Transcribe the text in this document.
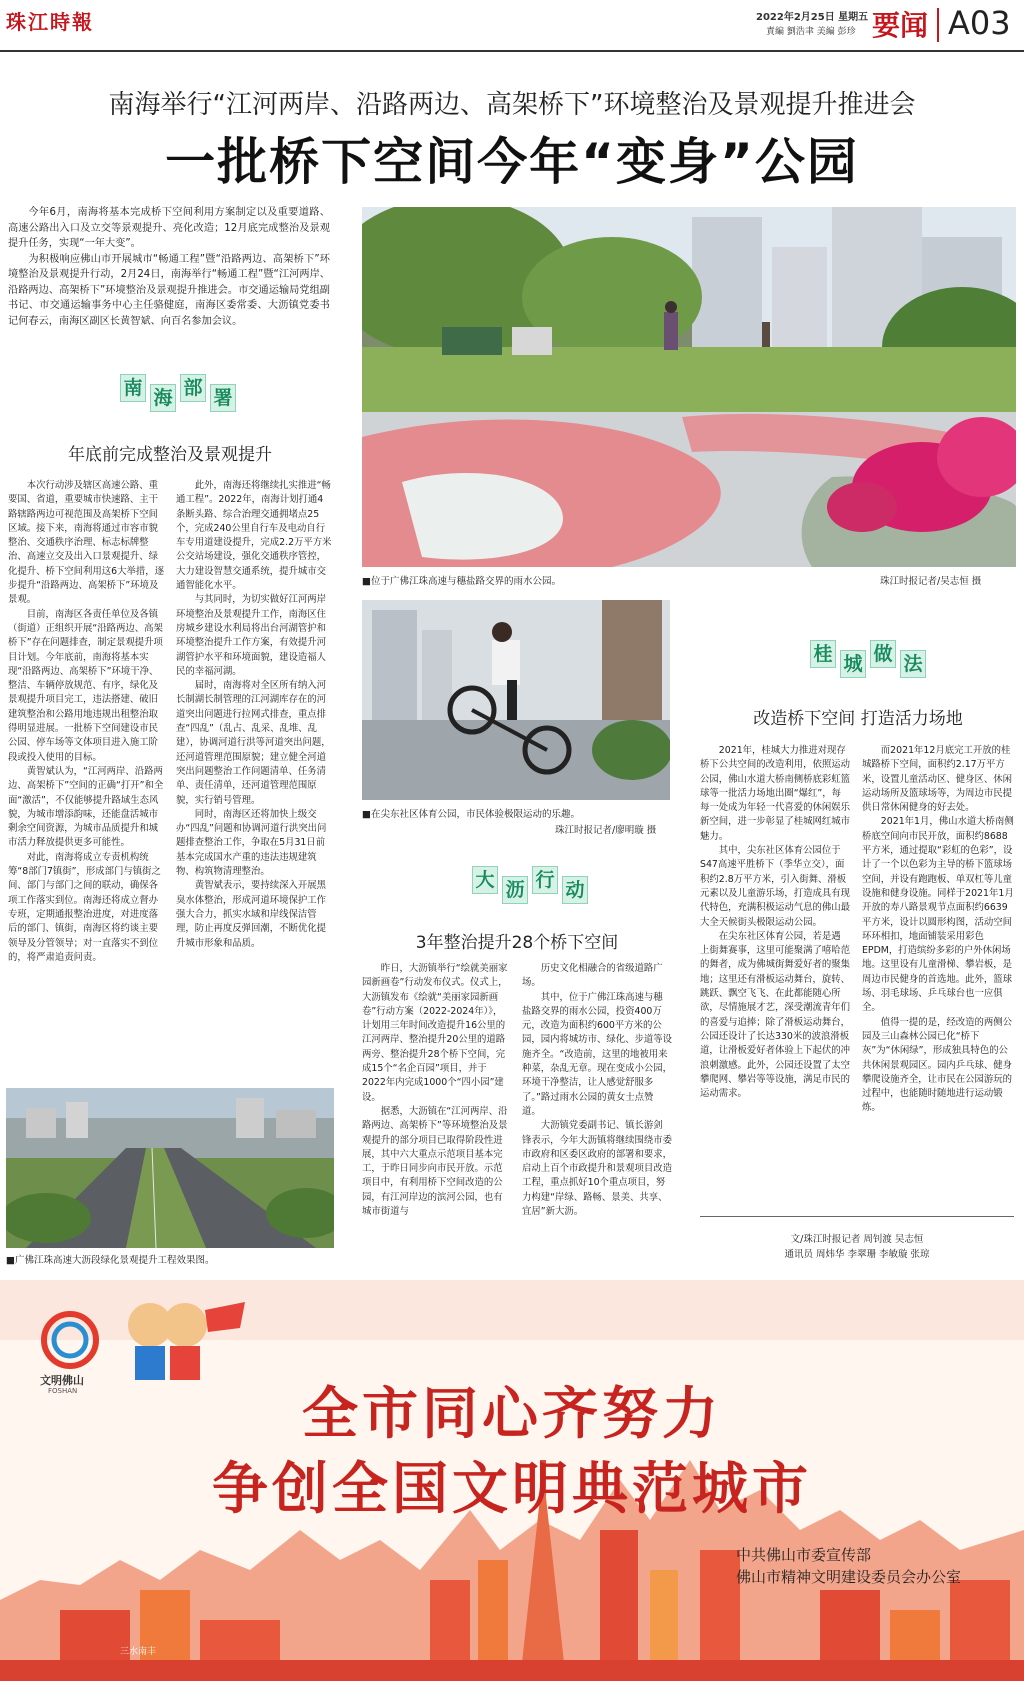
珠江時報	2022年2月25日 星期五
責編 劉浩聿 美編 彭珍 要闻 A03
南海举行“江河两岸、沿路两边、高架桥下”环境整治及景观提升推进会
一批桥下空间今年“变身”公园

今年6月，南海将基本完成桥下空间利用方案制定以及重要道路、高速公路出入口及立交等景观提升、亮化改造；12月底完成整治及景观提升任务，实现“一年大变”。

为积极响应佛山市开展城市“畅通工程”暨“沿路两边、高架桥下”环境整治及景观提升行动，2月24日，南海举行“畅通工程”暨“江河两岸、沿路两边、高架桥下”环境整治及景观提升推进会。市交通运输局党组副书记、市交通运输事务中心主任骆健庭，南海区委常委、大沥镇党委书记何春云，南海区副区长黄智斌、向百名参加会议。

■位于广佛江珠高速与穗盐路交界的雨水公园。	珠江时报记者/吴志恒 摄
南 海 部 署
年底前完成整治及景观提升

本次行动涉及辖区高速公路、重要国、省道，重要城市快速路、主干路辖路两边可视范围及高架桥下空间区域。接下来，南海将通过市容市貌整治、交通秩序治理、标志标牌整治、高速立交及出入口景观提升、绿化提升、桥下空间利用这6大举措，逐步提升“沿路两边、高架桥下”环境及景观。

目前，南海区各责任单位及各镇（街道）正组织开展“沿路两边、高架桥下”存在问题排查，制定景观提升项目计划。今年底前，南海将基本实现“沿路两边、高架桥下”环境干净、整洁、车辆停放规范、有序，绿化及景观提升项目完工，违法搭建、破旧建筑整治和公路用地违规出租整治取得明显进展。一批桥下空间建设市民公园、停车场等文体项目进入施工阶段或投入使用的目标。

黄智斌认为，“江河两岸、沿路两边、高架桥下”空间的正确“打开”和全面“激活”，不仅能够提升路域生态风貌，为城市增添韵味，还能盘活城市剩余空间资源，为城市品质提升和城市活力释放提供更多可能性。

对此，南海将成立专责机构统筹“8部门7镇街”，形成部门与镇街之间、部门与部门之间的联动，确保各项工作落实到位。南海还将成立督办专班，定期通报整治进度，对进度落后的部门、镇街，南海区将约谈主要领导及分管领导；对一直落实不到位的，将严肃追责问责。

此外，南海还将继续扎实推进“畅通工程”。2022年，南海计划打通4条断头路、综合治理交通拥堵点25个，完成240公里自行车及电动自行车专用道建设提升，完成2.2万平方米公交站场建设，强化交通秩序管控，大力建设智慧交通系统，提升城市交通智能化水平。

与其同时，为切实做好江河两岸环境整治及景观提升工作，南海区住房城乡建设水利局将出台河湖管护和环境整治提升工作方案，有效提升河湖管护水平和环境面貌，建设造福人民的幸福河湖。

届时，南海将对全区所有纳入河长制湖长制管理的江河湖库存在的河道突出问题进行拉网式排查，重点排查“四乱”（乱占、乱采、乱堆、乱建），协调河道行洪等河道突出问题，还河道管理范围原貌；建立健全河道突出问题整治工作问题清单、任务清单、责任清单，还河道管理范围原貌，实行销号管理。

同时，南海区还将加快上级交办“四乱”问题和协调河道行洪突出问题排查整治工作，争取在5月31日前基本完成国水产重的违法违规建筑物、构筑物清理整治。

黄智斌表示，要持续深入开展黑臭水体整治，形成河道环境保护工作强大合力，抓实水域和岸线保洁管理，防止再度反弹回潮，不断优化提升城市形象和品质。

■广佛江珠高速大沥段绿化景观提升工程效果图。
■在尖东社区体育公园，市民体验极限运动的乐趣。
珠江时报记者/廖明璇 摄
大 沥 行 动
3年整治提升28个桥下空间

昨日，大沥镇举行“绘就美丽家园新画卷”行动发布仪式。仪式上，大沥镇发布《绘就“美丽家园新画卷”行动方案（2022-2024年）》，计划用三年时间改造提升16公里的江河两岸、整治提升20公里的道路两旁、整治提升28个桥下空间，完成15个“名企百园”项目，并于2022年内完成1000个“四小园”建设。

据悉，大沥镇在“江河两岸、沿路两边、高架桥下”等环境整治及景观提升的部分项目已取得阶段性进展，其中六大重点示范项目基本完工，于昨日同步向市民开放。示范项目中，有利用桥下空间改造的公园，有江河岸边的滨河公园，也有城市街道与

历史文化相融合的省级道路广场。

其中，位于广佛江珠高速与穗盐路交界的雨水公园，投资400万元，改造为面积约600平方米的公园，园内将城坊市、绿化、步道等设施齐全。“改造前，这里的地被用来种菜，杂乱无章。现在变成小公园，环境干净整洁，让人感觉舒服多了。”路过雨水公园的黄女士点赞道。

大沥镇党委副书记、镇长游剑锋表示，今年大沥镇将继续围绕市委市政府和区委区政府的部署和要求，启动上百个市政提升和景观项目改造工程，重点抓好10个重点项目，努力构建“岸绿、路畅、景美、共享、宜居”新大沥。

桂 城 做 法
改造桥下空间 打造活力场地

2021年，桂城大力推进对现存桥下公共空间的改造利用，依照运动公园，佛山水道大桥南侧桥底彩虹篮球等一批活力场地出圈“爆红”，每每一处成为年轻一代喜爱的休闲娱乐新空间，进一步彰显了桂城网红城市魅力。

其中，尖东社区体育公园位于S47高速平胜桥下（季华立交），面积约2.8万平方米，引入街舞、滑板元素以及儿童游乐场，打造成具有现代特色，充满积极运动气息的佛山最大全天候街头极限运动公园。

在尖东社区体育公园，若是遇上街舞赛事，这里可能聚满了嘻哈范的舞者，成为佛城街舞爱好者的聚集地；这里还有滑板运动舞台，旋转、跳跃、飘空飞飞、在此都能随心所欲，尽情施展才艺，深受潮流青年们的喜爱与追捧；除了滑板运动舞台，公园还设计了长达330米的波浪滑板道，让滑板爱好者体验上下起伏的冲浪刺激感。此外，公园还设置了太空攀爬网、攀岩等等设施，满足市民的运动需求。

而2021年12月底完工开放的桂城路桥下空间，面积约2.17万平方米，设置儿童活动区、健身区、休闲运动场所及篮球场等，为周边市民提供日常休闲健身的好去处。

2021年1月，佛山水道大桥南侧桥底空间向市民开放，面积约8688平方米，通过提取“彩虹的色彩”，设计了一个以色彩为主导的桥下篮球场空间，并设有跑跑板、单双杠等儿童设施和健身设施。同样于2021年1月开放的寿八路景观节点面积约6639平方米，设计以圆形构图，活动空间环环相扣，地面铺装采用彩色EPDM，打造缤纷多彩的户外休闲场地。这里设有儿童滑梯、攀岩板，是周边市民健身的首选地。此外，篮球场、羽毛球场、乒乓球台也一应俱全。

值得一提的是，经改造的两侧公园及三山森林公园已化“桥下灰”为“休闲绿”，形成独具特色的公共休闲景观园区。园内乒乓球、健身攀爬设施齐全，让市民在公园游玩的过程中，也能随时随地进行运动锻炼。

文/珠江时报记者 周钊渡 吴志恒
通讯员 周炜华 李翠珊 李敏璇 张琼
文明佛山
FOSHAN	全市同心齐努力
争创全国文明典范城市
中共佛山市委宣传部
佛山市精神文明建设委员会办公室
三水南丰
